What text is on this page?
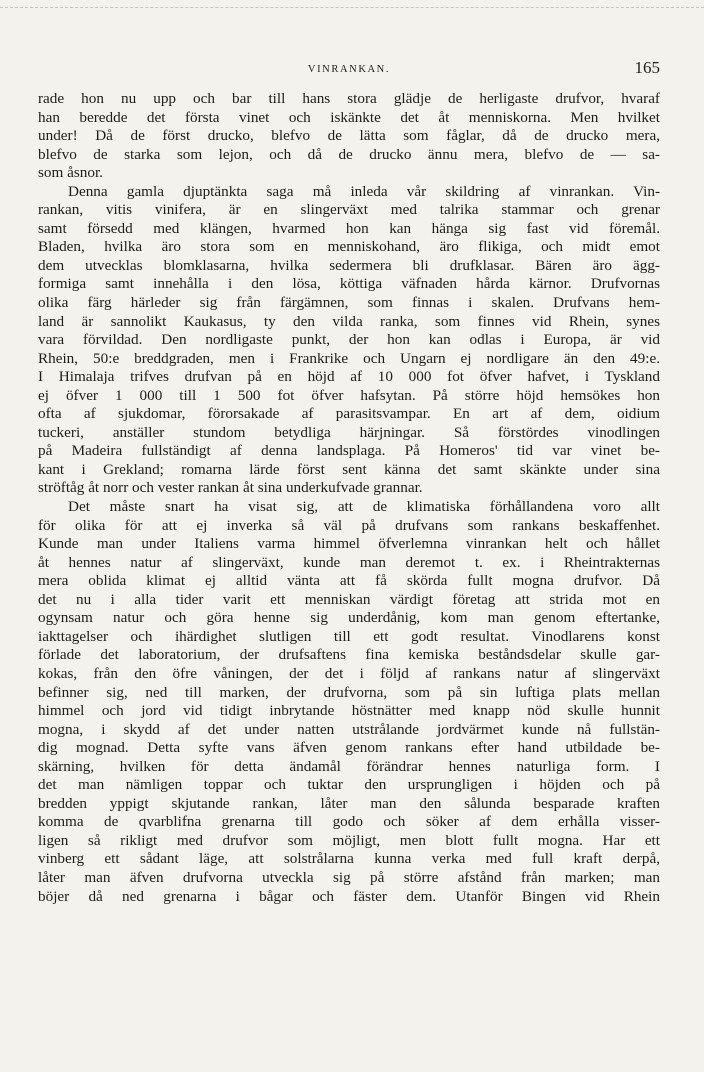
VINRANKAN.	165
rade hon nu upp och bar till hans stora glädje de herligaste drufvor, hvaraf
han beredde det första vinet och iskänkte det åt menniskorna. Men hvilket
under! Då de först drucko, blefvo de lätta som fåglar, då de drucko mera,
blefvo de starka som lejon, och då de drucko ännu mera, blefvo de — sa-
som åsnor.
Denna gamla djuptänkta saga må inleda vår skildring af vinrankan. Vin-
rankan, vitis vinifera, är en slingerväxt med talrika stammar och grenar
samt försedd med klängen, hvarmed hon kan hänga sig fast vid föremål.
Bladen, hvilka äro stora som en menniskohand, äro flikiga, och midt emot
dem utvecklas blomklasarna, hvilka sedermera bli drufklasar. Bären äro ägg-
formiga samt innehålla i den lösa, köttiga väfnaden hårda kärnor. Drufvornas
olika färg härleder sig från färgämnen, som finnas i skalen. Drufvans hem-
land är sannolikt Kaukasus, ty den vilda ranka, som finnes vid Rhein, synes
vara förvildad. Den nordligaste punkt, der hon kan odlas i Europa, är vid
Rhein, 50:e breddgraden, men i Frankrike och Ungarn ej nordligare än den 49:e.
I Himalaja trifves drufvan på en höjd af 10 000 fot öfver hafvet, i Tyskland
ej öfver 1 000 till 1 500 fot öfver hafsytan. På större höjd hemsökes hon
ofta af sjukdomar, förorsakade af parasitsvampar. En art af dem, oidium
tuckeri, anställer stundom betydliga härjningar. Så förstördes vinodlingen
på Madeira fullständigt af denna landsplaga. På Homeros' tid var vinet be-
kant i Grekland; romarna lärde först sent känna det samt skänkte under sina
ströftåg åt norr och vester rankan åt sina underkufvade grannar.
Det måste snart ha visat sig, att de klimatiska förhållandena voro allt
för olika för att ej inverka så väl på drufvans som rankans beskaffenhet.
Kunde man under Italiens varma himmel öfverlemna vinrankan helt och hållet
åt hennes natur af slingerväxt, kunde man deremot t. ex. i Rheintrakternas
mera oblida klimat ej alltid vänta att få skörda fullt mogna drufvor. Då
det nu i alla tider varit ett menniskan värdigt företag att strida mot en
ogynsam natur och göra henne sig underdånig, kom man genom eftertanke,
iakttagelser och ihärdighet slutligen till ett godt resultat. Vinodlarens konst
förlade det laboratorium, der drufsaftens fina kemiska beståndsdelar skulle gar-
kokas, från den öfre våningen, der det i följd af rankans natur af slingerväxt
befinner sig, ned till marken, der drufvorna, som på sin luftiga plats mellan
himmel och jord vid tidigt inbrytande höstnätter med knapp nöd skulle hunnit
mogna, i skydd af det under natten utstrålande jordvärmet kunde nå fullstän-
dig mognad. Detta syfte vans äfven genom rankans efter hand utbildade be-
skärning, hvilken för detta ändamål förändrar hennes naturliga form. I
det man nämligen toppar och tuktar den ursprungligen i höjden och på
bredden yppigt skjutande rankan, låter man den sålunda besparade kraften
komma de qvarblifna grenarna till godo och söker af dem erhålla visser-
ligen så rikligt med drufvor som möjligt, men blott fullt mogna. Har ett
vinberg ett sådant läge, att solstrålarna kunna verka med full kraft derpå,
låter man äfven drufvorna utveckla sig på större afstånd från marken; man
böjer då ned grenarna i bågar och fäster dem. Utanför Bingen vid Rhein
